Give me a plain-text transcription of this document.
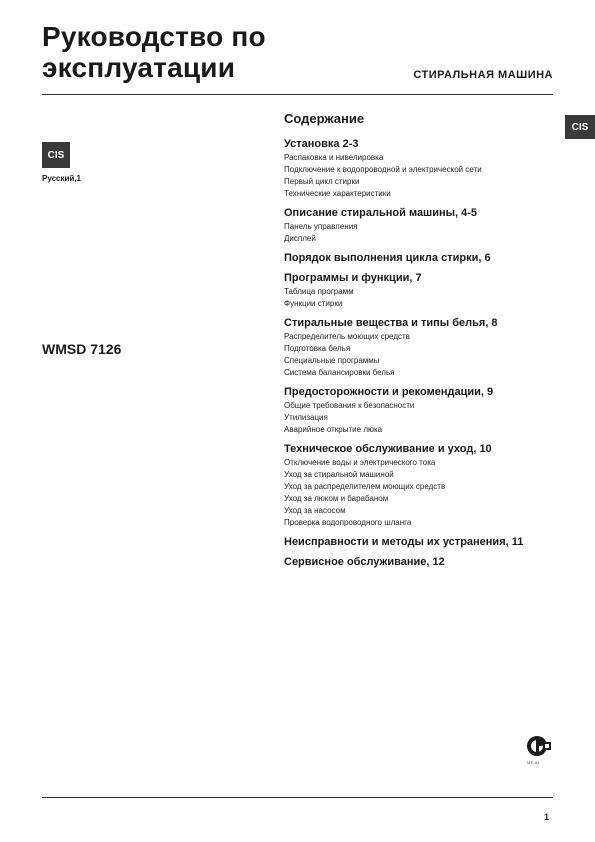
Руководство по
эксплуатации	СТИРАЛЬНАЯ МАШИНА
CIS
Русский,1
WMSD 7126
CIS
Содержание
Установка 2-3
Распаковка и нивелировка
Подключение к водопроводной и электрической сети
Первый цикл стирки
Технические характеристики
Описание стиральной машины, 4-5
Панель управления
Дисплей
Порядок выполнения цикла стирки, 6
Программы и функции, 7
Таблица программ
Функции стирки
Стиральные вещества и типы белья, 8
Распределитель моющих средств
Подготовка белья
Специальные программы
Система балансировки белья
Предосторожности и рекомендации, 9
Общие требования к безопасности
Утилизация
Аварийное открытие люка
Техническое обслуживание и уход, 10
Отключение воды и электрического тока
Уход за стиральной машиной
Уход за распределителем моющих средств
Уход за люком и барабаном
Уход за насосом
Проверка водопроводного шланга
Неисправности и методы их устранения, 11
Сервисное обслуживание, 12
МЕ 61
1
